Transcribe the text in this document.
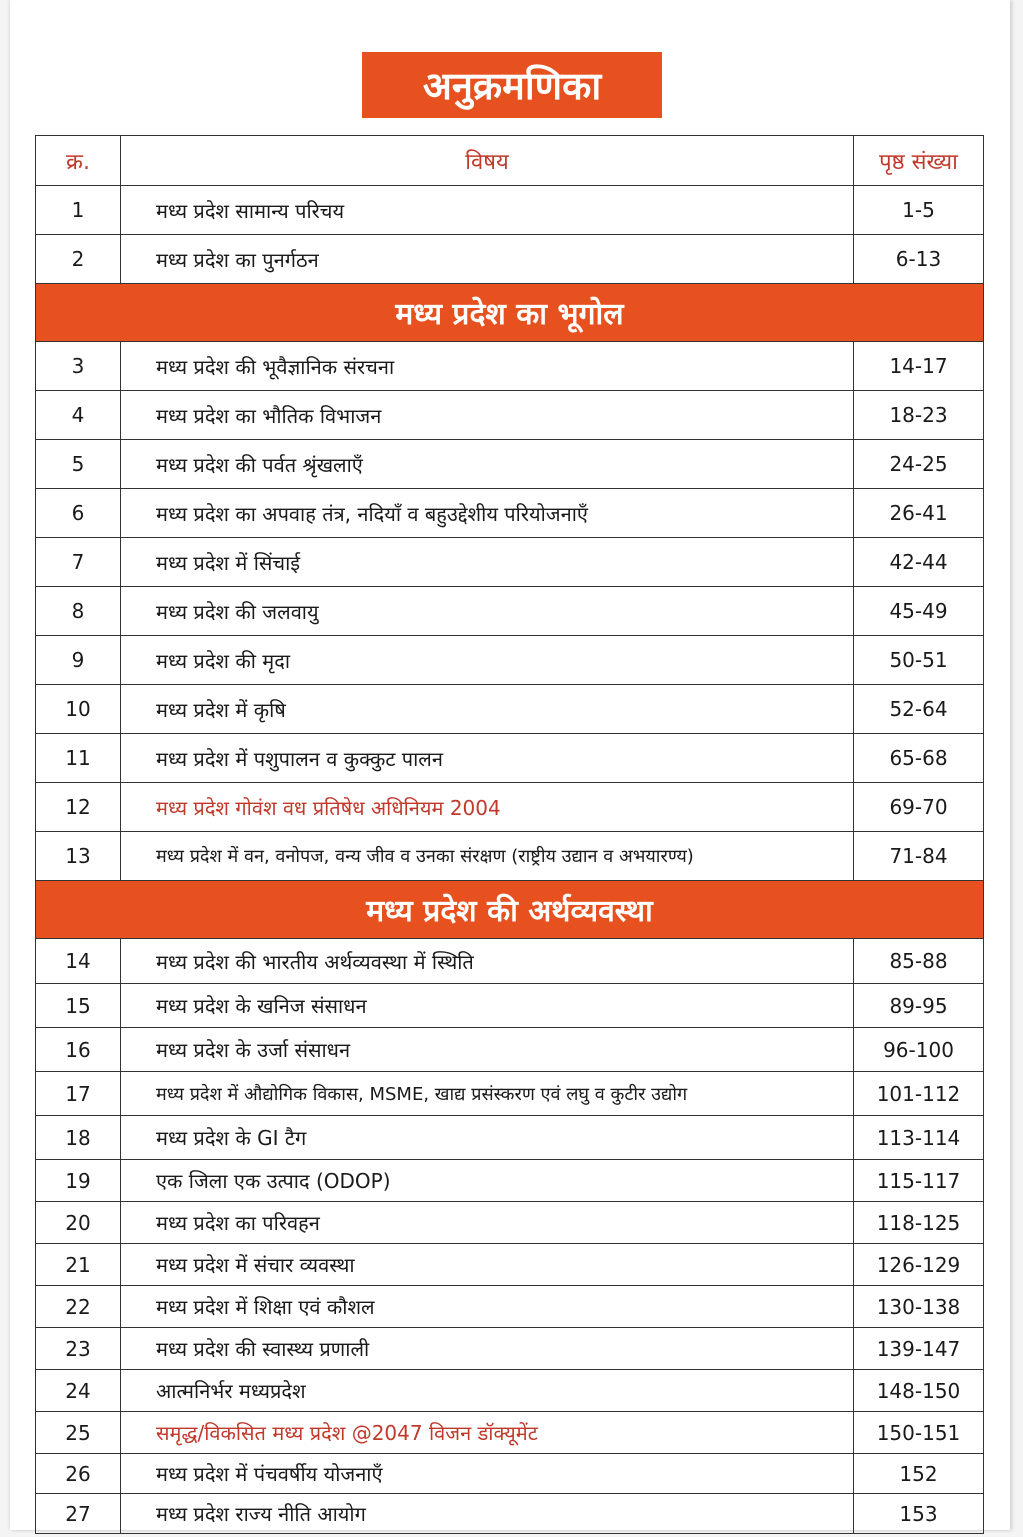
अनुक्रमणिका
क्र.	विषय	पृष्ठ संख्या
1	मध्य प्रदेश सामान्य परिचय	1-5
2	मध्य प्रदेश का पुनर्गठन	6-13
मध्य प्रदेश का भूगोल		
3	मध्य प्रदेश की भूवैज्ञानिक संरचना	14-17
4	मध्य प्रदेश का भौतिक विभाजन	18-23
5	मध्य प्रदेश की पर्वत श्रृंखलाएँ	24-25
6	मध्य प्रदेश का अपवाह तंत्र, नदियाँ व बहुउद्देशीय परियोजनाएँ	26-41
7	मध्य प्रदेश में सिंचाई	42-44
8	मध्य प्रदेश की जलवायु	45-49
9	मध्य प्रदेश की मृदा	50-51
10	मध्य प्रदेश में कृषि	52-64
11	मध्य प्रदेश में पशुपालन व कुक्कुट पालन	65-68
12	मध्य प्रदेश गोवंश वध प्रतिषेध अधिनियम 2004	69-70
13	मध्य प्रदेश में वन, वनोपज, वन्य जीव व उनका संरक्षण (राष्ट्रीय उद्यान व अभयारण्य)	71-84
मध्य प्रदेश की अर्थव्यवस्था		
14	मध्य प्रदेश की भारतीय अर्थव्यवस्था में स्थिति	85-88
15	मध्य प्रदेश के खनिज संसाधन	89-95
16	मध्य प्रदेश के उर्जा संसाधन	96-100
17	मध्य प्रदेश में औद्योगिक विकास, MSME, खाद्य प्रसंस्करण एवं लघु व कुटीर उद्योग	101-112
18	मध्य प्रदेश के GI टैग	113-114
19	एक जिला एक उत्पाद (ODOP)	115-117
20	मध्य प्रदेश का परिवहन	118-125
21	मध्य प्रदेश में संचार व्यवस्था	126-129
22	मध्य प्रदेश में शिक्षा एवं कौशल	130-138
23	मध्य प्रदेश की स्वास्थ्य प्रणाली	139-147
24	आत्मनिर्भर मध्यप्रदेश	148-150
25	समृद्ध/विकसित मध्य प्रदेश @2047 विजन डॉक्यूमेंट	150-151
26	मध्य प्रदेश में पंचवर्षीय योजनाएँ	152
27	मध्य प्रदेश राज्य नीति आयोग	153
